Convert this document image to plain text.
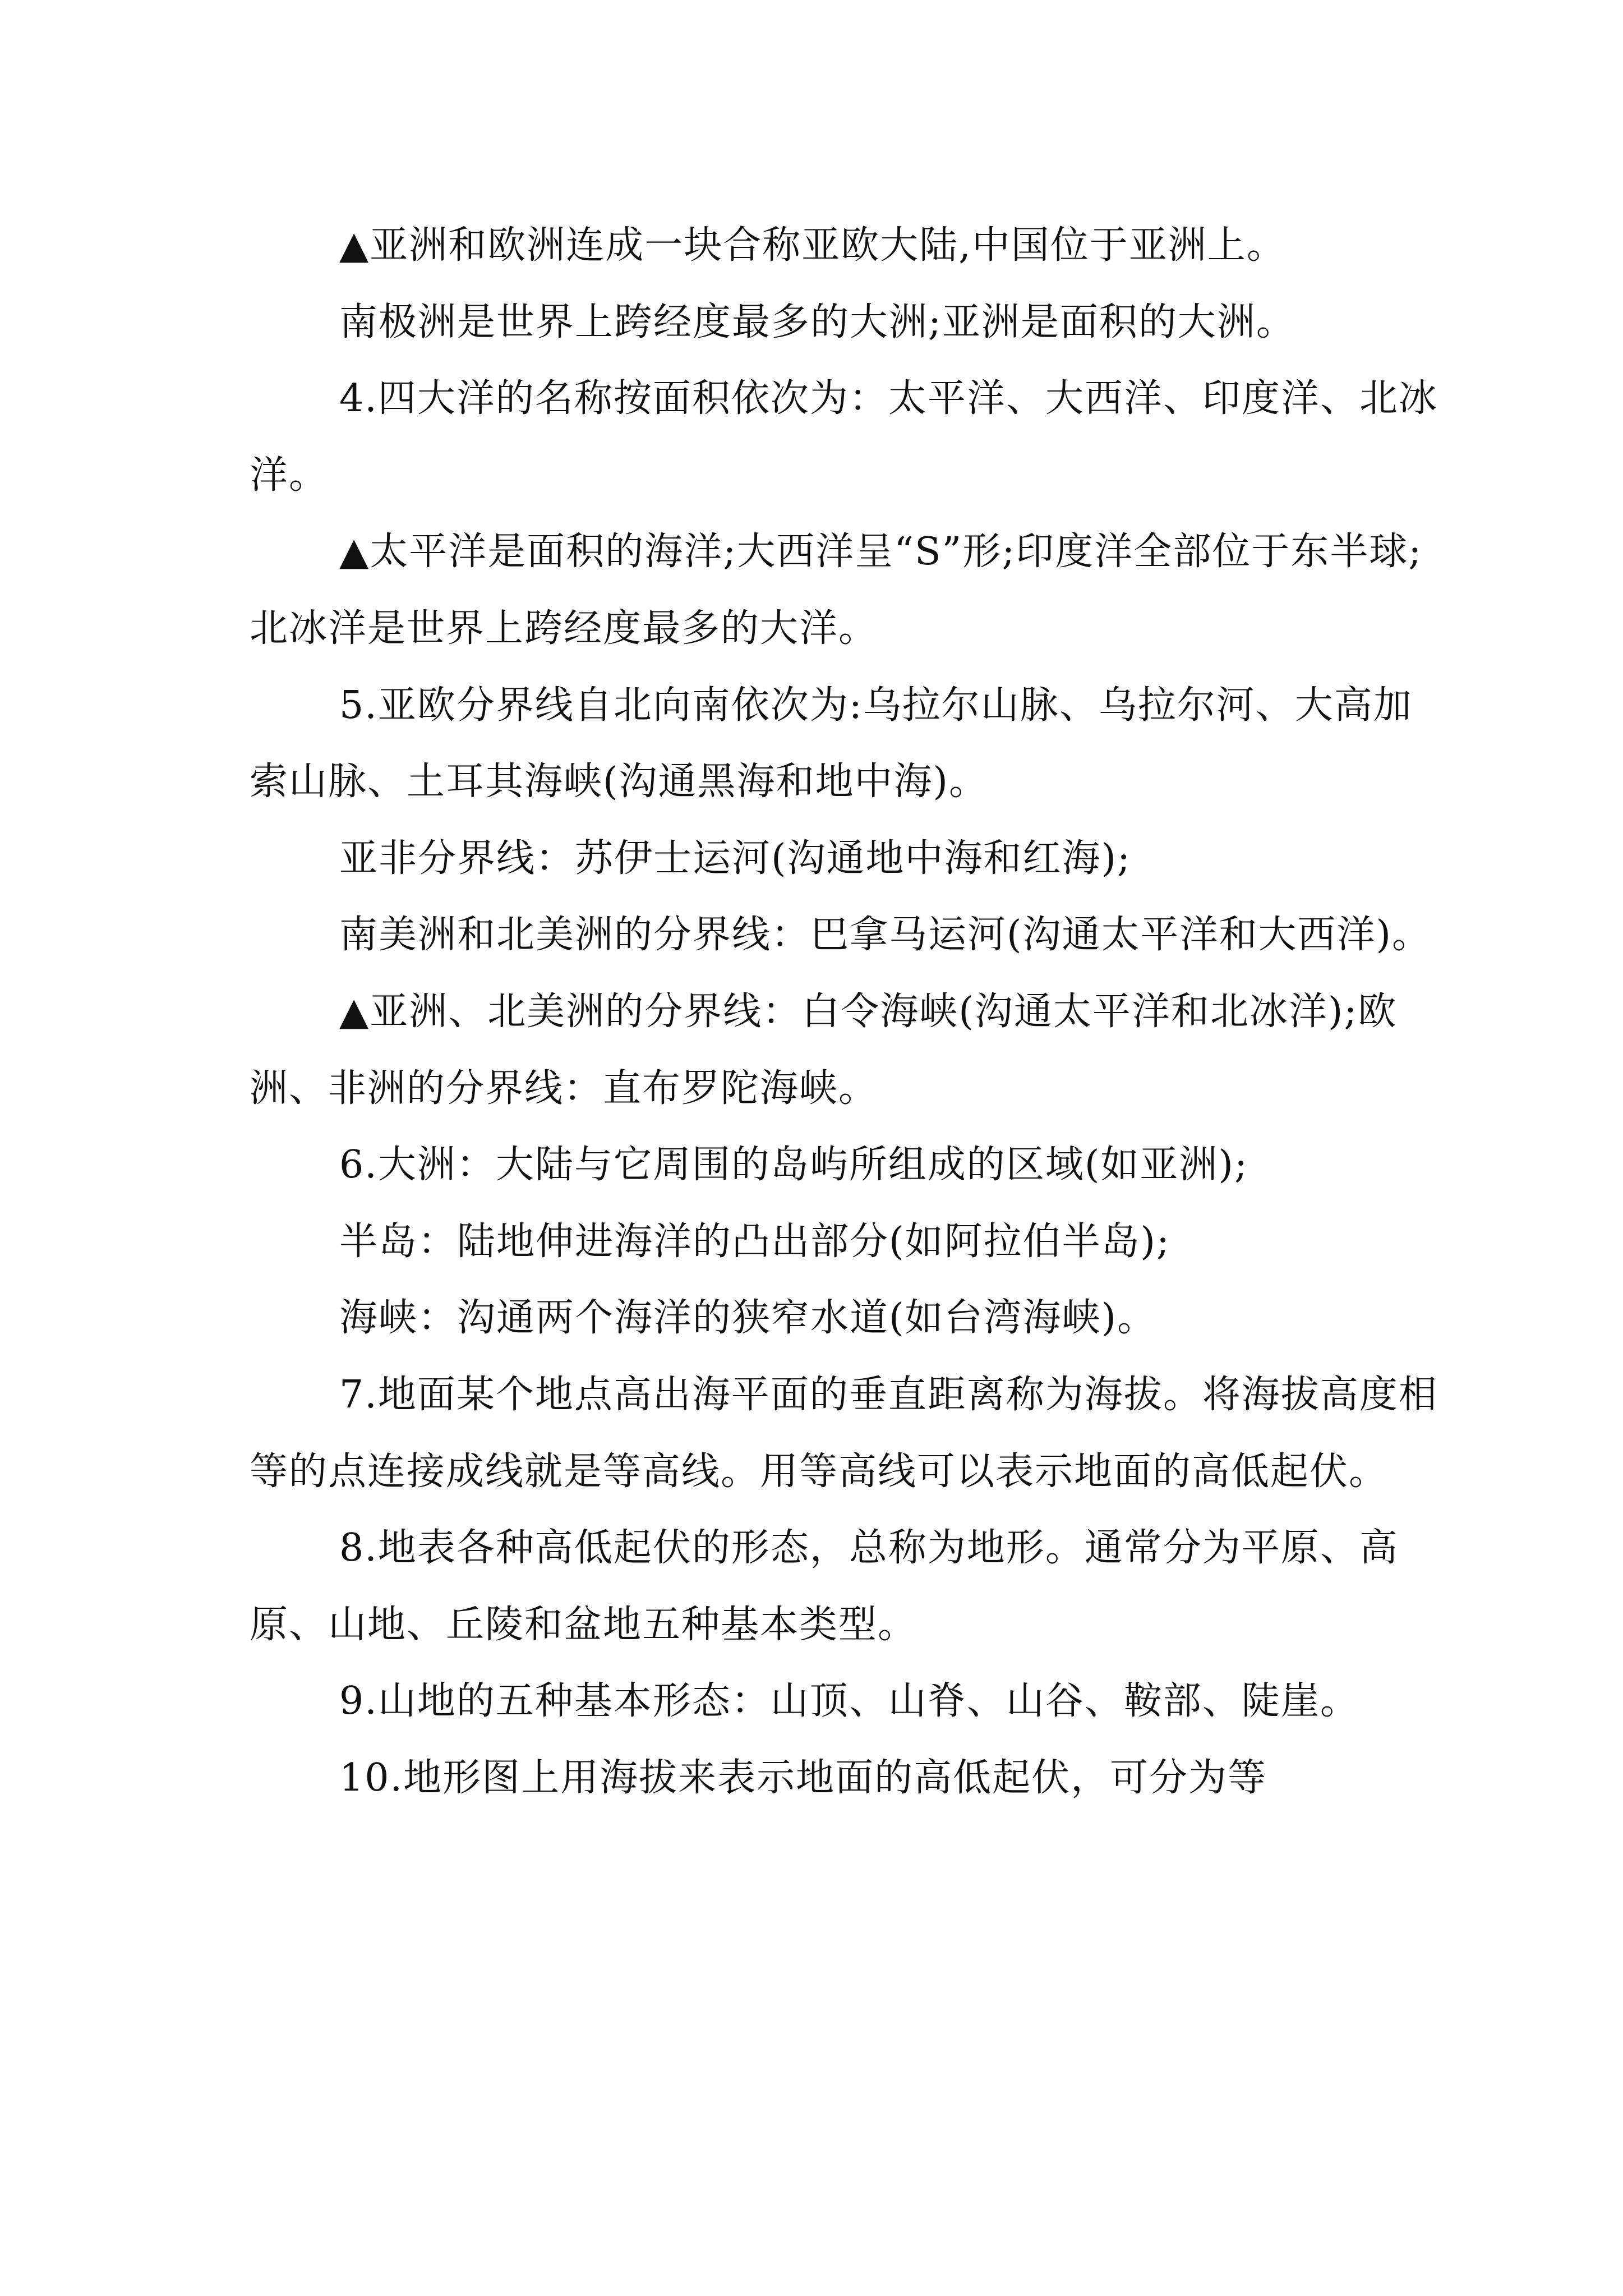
▲亚洲和欧洲连成一块合称亚欧大陆,中国位于亚洲上。

南极洲是世界上跨经度最多的大洲;亚洲是面积的大洲。

4.四大洋的名称按面积依次为：太平洋、大西洋、印度洋、北冰洋。

▲太平洋是面积的海洋;大西洋呈“S”形;印度洋全部位于东半球;北冰洋是世界上跨经度最多的大洋。

5.亚欧分界线自北向南依次为:乌拉尔山脉、乌拉尔河、大高加索山脉、土耳其海峡(沟通黑海和地中海)。

亚非分界线：苏伊士运河(沟通地中海和红海);

南美洲和北美洲的分界线：巴拿马运河(沟通太平洋和大西洋)。

▲亚洲、北美洲的分界线：白令海峡(沟通太平洋和北冰洋);欧洲、非洲的分界线：直布罗陀海峡。

6.大洲：大陆与它周围的岛屿所组成的区域(如亚洲);

半岛：陆地伸进海洋的凸出部分(如阿拉伯半岛);

海峡：沟通两个海洋的狭窄水道(如台湾海峡)。

7.地面某个地点高出海平面的垂直距离称为海拔。将海拔高度相等的点连接成线就是等高线。用等高线可以表示地面的高低起伏。

8.地表各种高低起伏的形态，总称为地形。通常分为平原、高原、山地、丘陵和盆地五种基本类型。

9.山地的五种基本形态：山顶、山脊、山谷、鞍部、陡崖。

10.地形图上用海拔来表示地面的高低起伏，可分为等
